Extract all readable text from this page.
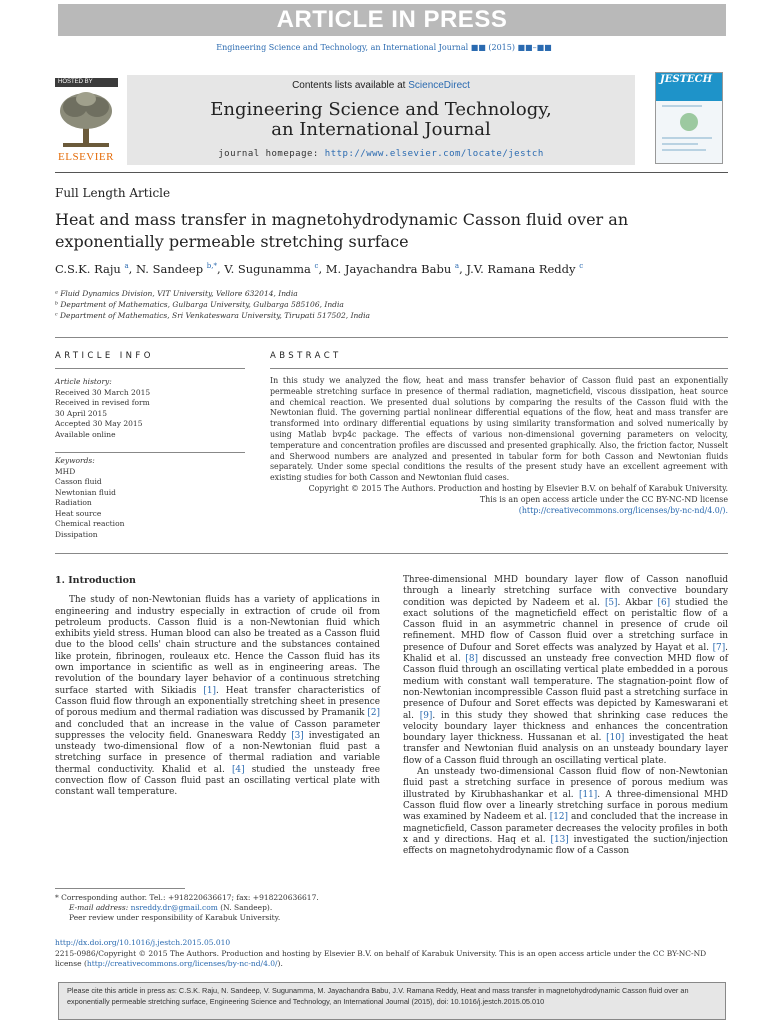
ARTICLE IN PRESS
Engineering Science and Technology, an International Journal ■■ (2015) ■■–■■
HOSTED BY
ELSEVIER
Contents lists available at ScienceDirect
Engineering Science and Technology,
an International Journal
journal homepage: http://www.elsevier.com/locate/jestch
JESTECH
Full Length Article
Heat and mass transfer in magnetohydrodynamic Casson fluid over an exponentially permeable stretching surface
C.S.K. Raju $^a$, N. Sandeep $^{b,*}$, V. Sugunamma $^c$, M. Jayachandra Babu $^a$, J.V. Ramana Reddy $^c$
ᵃ Fluid Dynamics Division, VIT University, Vellore 632014, India
ᵇ Department of Mathematics, Gulbarga University, Gulbarga 585106, India
ᶜ Department of Mathematics, Sri Venkateswara University, Tirupati 517502, India
ARTICLE INFO	ABSTRACT
Article history:
Received 30 March 2015
Received in revised form
30 April 2015
Accepted 30 May 2015
Available online
Keywords:
MHD
Casson fluid
Newtonian fluid
Radiation
Heat source
Chemical reaction
Dissipation
In this study we analyzed the flow, heat and mass transfer behavior of Casson fluid past an exponentially permeable stretching surface in presence of thermal radiation, magneticfield, viscous dissipation, heat source and chemical reaction. We presented dual solutions by comparing the results of the Casson fluid with the Newtonian fluid. The governing partial nonlinear differential equations of the flow, heat and mass transfer are transformed into ordinary differential equations by using similarity transformation and solved numerically by using Matlab bvp4c package. The effects of various non-dimensional governing parameters on velocity, temperature and concentration profiles are discussed and presented graphically. Also, the friction factor, Nusselt and Sherwood numbers are analyzed and presented in tabular form for both Casson and Newtonian fluids separately. Under some special conditions the results of the present study have an excellent agreement with existing studies for both Casson and Newtonian fluid cases.
Copyright © 2015 The Authors. Production and hosting by Elsevier B.V. on behalf of Karabuk University.
This is an open access article under the CC BY-NC-ND license
(http://creativecommons.org/licenses/by-nc-nd/4.0/).
1. Introduction

The study of non-Newtonian fluids has a variety of applications in engineering and industry especially in extraction of crude oil from petroleum products. Casson fluid is a non-Newtonian fluid which exhibits yield stress. Human blood can also be treated as a Casson fluid due to the blood cells' chain structure and the substances contained like protein, fibrinogen, rouleaux etc. Hence the Casson fluid has its own importance in scientific as well as in engineering areas. The revolution of the boundary layer behavior of a continuous stretching surface started with Sikiadis [1]. Heat transfer characteristics of Casson fluid flow through an exponentially stretching sheet in presence of porous medium and thermal radiation was discussed by Pramanik [2] and concluded that an increase in the value of Casson parameter suppresses the velocity field. Gnaneswara Reddy [3] investigated an unsteady two-dimensional flow of a non-Newtonian fluid past a stretching surface in presence of thermal radiation and variable thermal conductivity. Khalid et al. [4] studied the unsteady free convection flow of Casson fluid past an oscillating vertical plate with constant wall temperature.

Three-dimensional MHD boundary layer flow of Casson nanofluid through a linearly stretching surface with convective boundary condition was depicted by Nadeem et al. [5]. Akbar [6] studied the exact solutions of the magneticfield effect on peristaltic flow of a Casson fluid in an asymmetric channel in presence of crude oil refinement. MHD flow of Casson fluid over a stretching surface in presence of Dufour and Soret effects was analyzed by Hayat et al. [7]. Khalid et al. [8] discussed an unsteady free convection MHD flow of Casson fluid through an oscillating vertical plate embedded in a porous medium with constant wall temperature. The stagnation-point flow of non-Newtonian incompressible Casson fluid past a stretching surface in presence of Dufour and Soret effects was depicted by Kameswarani et al. [9]. in this study they showed that shrinking case reduces the velocity boundary layer thickness and enhances the concentration boundary layer thickness. Hussanan et al. [10] investigated the heat transfer and Newtonian fluid analysis on an unsteady boundary layer flow of a Casson fluid through an oscillating vertical plate.

An unsteady two-dimensional Casson fluid flow of non-Newtonian fluid past a stretching surface in presence of porous medium was illustrated by Kirubhashankar et al. [11]. A three-dimensional MHD Casson fluid flow over a linearly stretching surface in porous medium was examined by Nadeem et al. [12] and concluded that the increase in magneticfield, Casson parameter decreases the velocity profiles in both x and y directions. Haq et al. [13] investigated the suction/injection effects on magnetohydrodynamic flow of a Casson

* Corresponding author. Tel.: +918220636617; fax: +918220636617.
E-mail address: nsreddy.dr@gmail.com (N. Sandeep).
Peer review under responsibility of Karabuk University.
http://dx.doi.org/10.1016/j.jestch.2015.05.010
2215-0986/Copyright © 2015 The Authors. Production and hosting by Elsevier B.V. on behalf of Karabuk University. This is an open access article under the CC BY-NC-ND license (http://creativecommons.org/licenses/by-nc-nd/4.0/).
Please cite this article in press as: C.S.K. Raju, N. Sandeep, V. Sugunamma, M. Jayachandra Babu, J.V. Ramana Reddy, Heat and mass transfer in magnetohydrodynamic Casson fluid over an exponentially permeable stretching surface, Engineering Science and Technology, an International Journal (2015), doi: 10.1016/j.jestch.2015.05.010
